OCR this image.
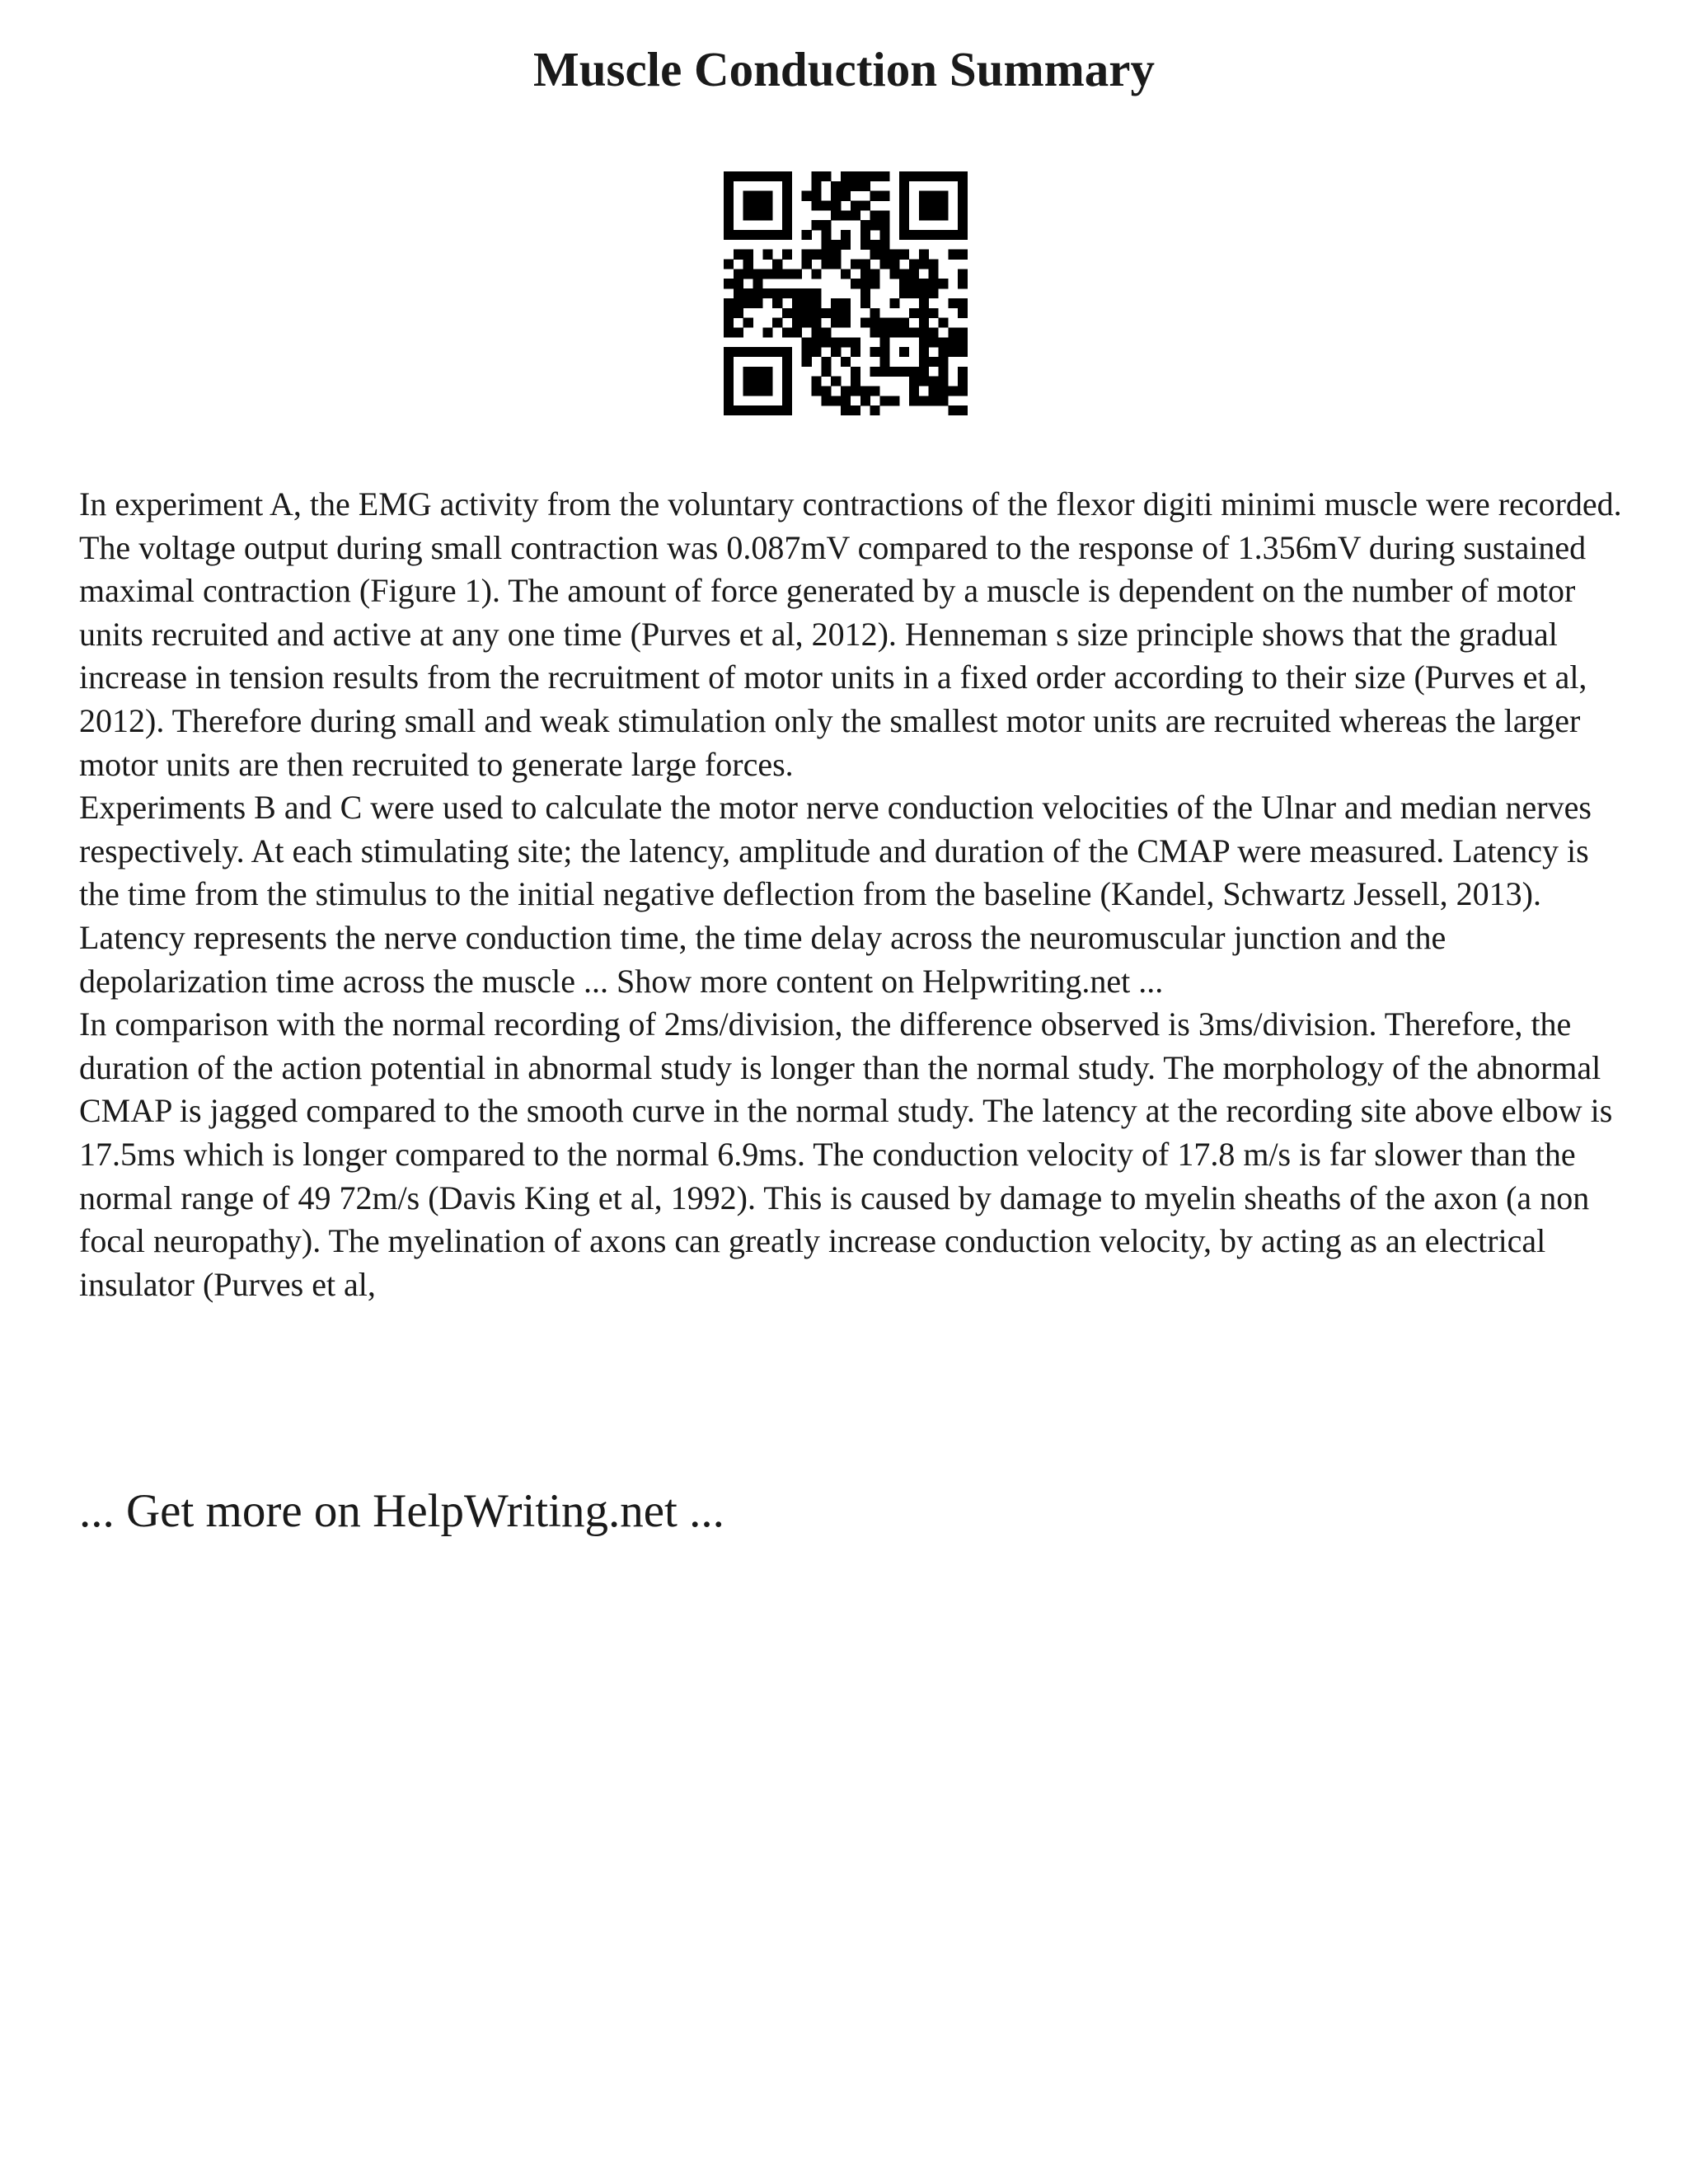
Muscle Conduction Summary

In experiment A, the EMG activity from the voluntary contractions of the flexor digiti minimi muscle were recorded. The voltage output during small contraction was 0.087mV compared to the response of 1.356mV during sustained maximal contraction (Figure 1). The amount of force generated by a muscle is dependent on the number of motor units recruited and active at any one time (Purves et al, 2012). Henneman s size principle shows that the gradual increase in tension results from the recruitment of motor units in a fixed order according to their size (Purves et al, 2012). Therefore during small and weak stimulation only the smallest motor units are recruited whereas the larger motor units are then recruited to generate large forces.

Experiments B and C were used to calculate the motor nerve conduction velocities of the Ulnar and median nerves respectively. At each stimulating site; the latency, amplitude and duration of the CMAP were measured. Latency is the time from the stimulus to the initial negative deflection from the baseline (Kandel, Schwartz Jessell, 2013). Latency represents the nerve conduction time, the time delay across the neuromuscular junction and the depolarization time across the muscle ... Show more content on Helpwriting.net ...

In comparison with the normal recording of 2ms/division, the difference observed is 3ms/division. Therefore, the duration of the action potential in abnormal study is longer than the normal study. The morphology of the abnormal CMAP is jagged compared to the smooth curve in the normal study. The latency at the recording site above elbow is 17.5ms which is longer compared to the normal 6.9ms. The conduction velocity of 17.8 m/s is far slower than the normal range of 49 72m/s (Davis King et al, 1992). This is caused by damage to myelin sheaths of the axon (a non focal neuropathy). The myelination of axons can greatly increase conduction velocity, by acting as an electrical insulator (Purves et al,

... Get more on HelpWriting.net ...
